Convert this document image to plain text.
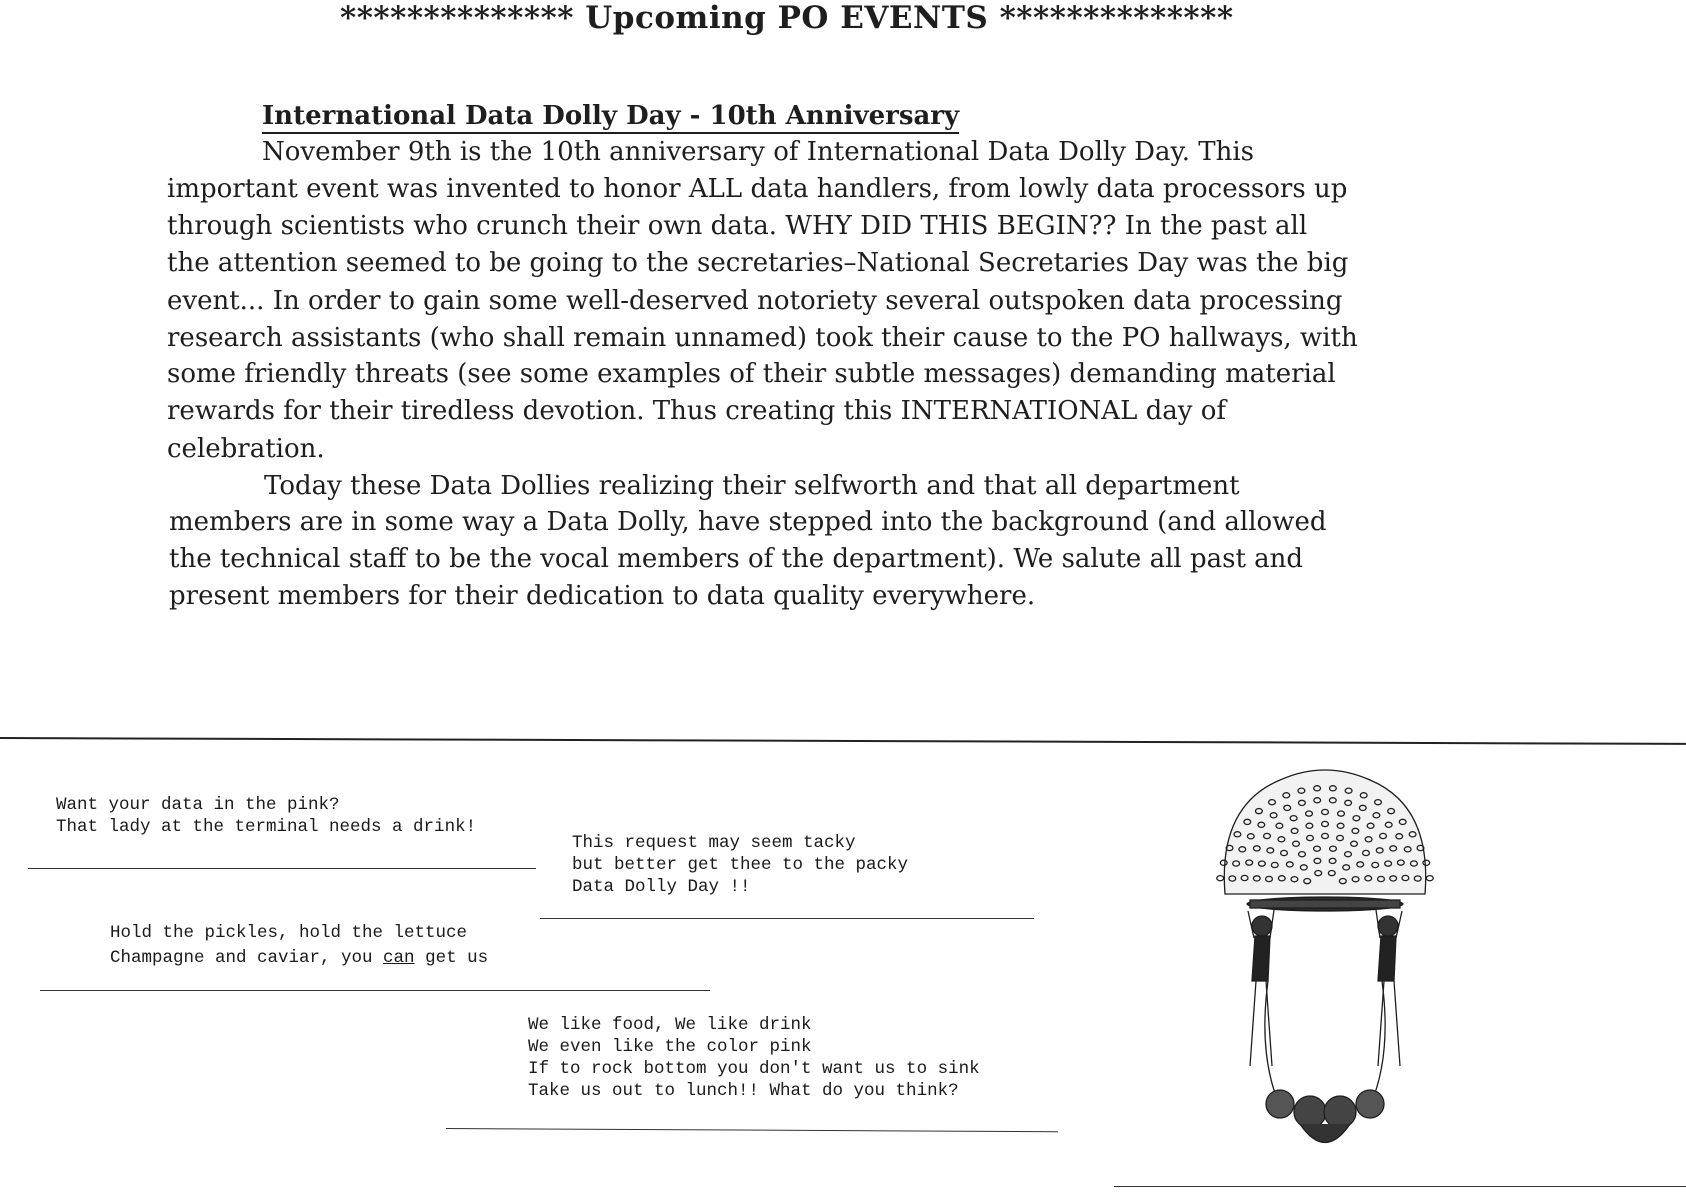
************** Upcoming PO EVENTS **************
International Data Dolly Day - 10th Anniversary
November 9th is the 10th anniversary of International Data Dolly Day. This
important event was invented to honor ALL data handlers, from lowly data processors up
through scientists who crunch their own data. WHY DID THIS BEGIN?? In the past all
the attention seemed to be going to the secretaries–National Secretaries Day was the big
event... In order to gain some well-deserved notoriety several outspoken data processing
research assistants (who shall remain unnamed) took their cause to the PO hallways, with
some friendly threats (see some examples of their subtle messages) demanding material
rewards for their tiredless devotion. Thus creating this INTERNATIONAL day of
celebration.
Today these Data Dollies realizing their selfworth and that all department
members are in some way a Data Dolly, have stepped into the background (and allowed
the technical staff to be the vocal members of the department). We salute all past and
present members for their dedication to data quality everywhere.
Want your data in the pink?
That lady at the terminal needs a drink!
This request may seem tacky
but better get thee to the packy
Data Dolly Day !!
Hold the pickles, hold the lettuce
Champagne and caviar, you can get us
We like food, We like drink
We even like the color pink
If to rock bottom you don't want us to sink
Take us out to lunch!! What do you think?
